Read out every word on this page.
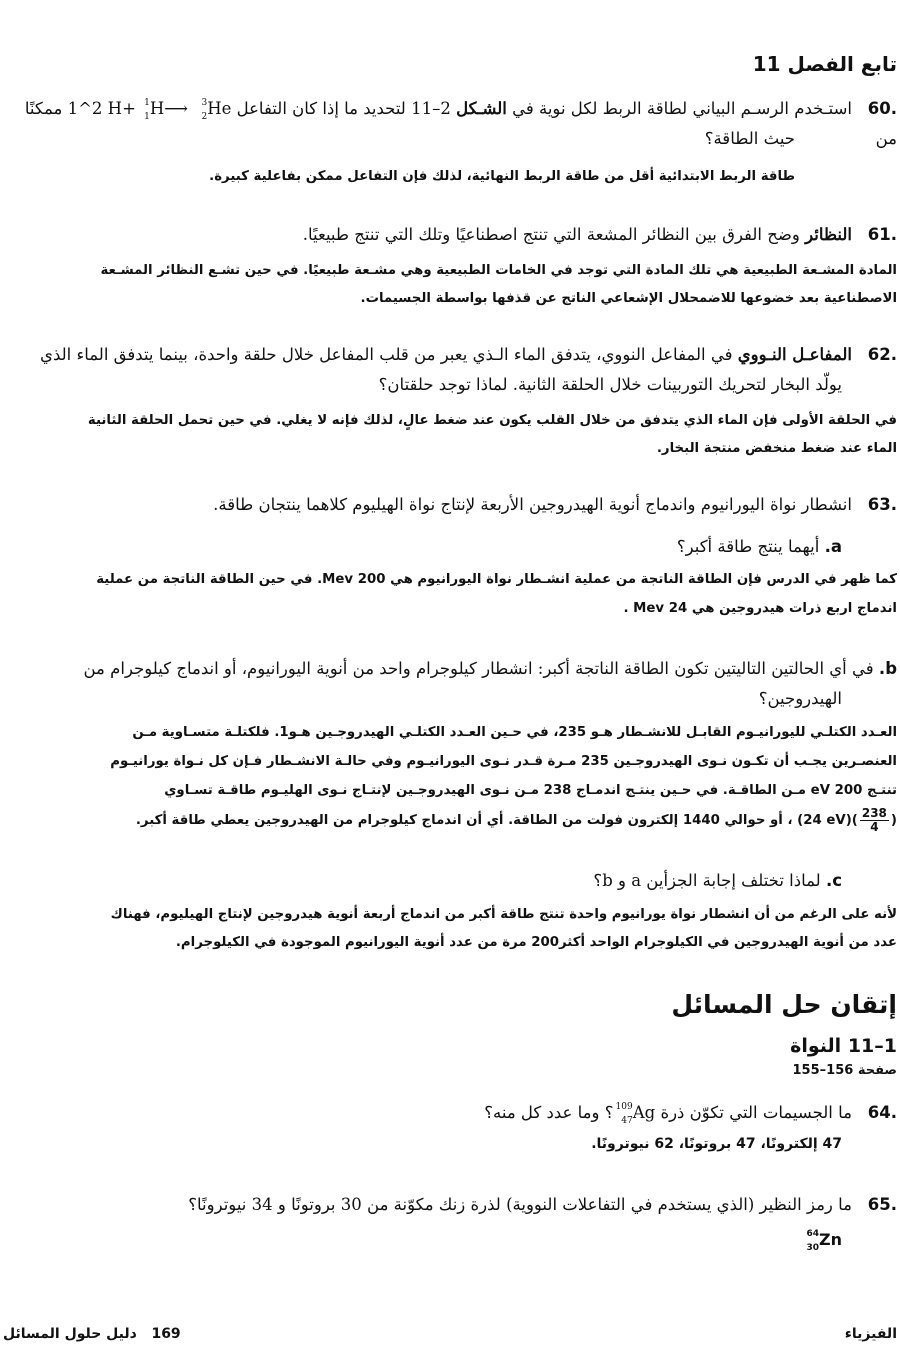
تابع الفصل 11
.60   استـخدم الرسـم البياني لطاقة الربط لكل نوية في الشـكل 2–11 لتحديد ما إذا كان التفاعل 1^2 H+ 1
1 H⟶ 3
2 He ممكنًا من
حيث الطاقة؟
طاقة الربط الابتدائية أقل من طاقة الربط النهائية، لذلك فإن التفاعل ممكن بفاعلية كبيرة.
.61   النظائر وضح الفرق بين النظائر المشعة التي تنتج اصطناعيًا وتلك التي تنتج طبيعيًا.
المادة المشـعة الطبيعية هي تلك المادة التي توجد في الخامات الطبيعية وهي مشـعة طبيعيًا. في حين تشـع النظائر المشـعة
الاصطناعية بعد خضوعها للاضمحلال الإشعاعي الناتج عن قذفها بواسطة الجسيمات.
.62   المفاعـل النـووي في المفاعل النووي، يتدفق الماء الـذي يعبر من قلب المفاعل خلال حلقة واحدة، بينما يتدفق الماء الذي
يولّد البخار لتحريك التوربينات خلال الحلقة الثانية. لماذا توجد حلقتان؟
في الحلقة الأولى فإن الماء الذي يتدفق من خلال القلب يكون عند ضغط عالٍ، لذلك فإنه لا يغلي. في حين تحمل الحلقة الثانية
الماء عند ضغط منخفض منتجة البخار.
.63   انشطار نواة اليورانيوم واندماج أنوية الهيدروجين الأربعة لإنتاج نواة الهيليوم كلاهما ينتجان طاقة.
a. أيهما ينتج طاقة أكبر؟
كما ظهر في الدرس فإن الطاقة الناتجة من عملية انشـطار نواة اليورانيوم هي 200 Mev. في حين الطاقة الناتجة من عملية
اندماج اربع ذرات هيدروجين هي 24 Mev .
b. في أي الحالتين التاليتين تكون الطاقة الناتجة أكبر: انشطار كيلوجرام واحد من أنوية اليورانيوم، أو اندماج كيلوجرام من
الهيدروجين؟
العـدد الكتلـي لليورانيـوم القابـل للانشـطار هـو 235، في حـين العـدد الكتلـي الهيدروجـين هـو1. فلكتلـة متسـاوية مـن
العنصـرين يجـب أن تكـون نـوى الهيدروجـين 235 مـرة قـدر نـوى اليورانيـوم وفي حالـة الانشـطار فـإن كل نـواة يورانيـوم
تنتـج 200 eV مـن الطاقـة. في حـين ينتـج اندمـاج 238 مـن نـوى الهيدروجـين لإنتـاج نـوى الهليـوم طاقـة تسـاوي
(24 $eV)( \frac{238}{4}$ ) ، أو حوالي 1440 إلكترون فولت من الطاقة. أي أن اندماج كيلوجرام من الهيدروجين يعطي طاقة أكبر.
c. لماذا تختلف إجابة الجزأين a و b؟
لأنه على الرغم من أن انشطار نواة يورانيوم واحدة تنتج طاقة أكبر من اندماج أربعة أنوية هيدروجين لإنتاج الهيليوم، فهناك
عدد من أنوية الهيدروجين في الكيلوجرام الواحد أكثر200 مرة من عدد أنوية اليورانيوم الموجودة في الكيلوجرام.
إتقان حل المسائل
1–11 النواة
صفحة 156–155
.64   ما الجسيمات التي تكوّن ذرة
109
47 Ag ؟ وما عدد كل منه؟
47 إلكترونًا، 47 بروتونًا، 62 نيوترونًا.
.65   ما رمز النظير (الذي يستخدم في التفاعلات النووية) لذرة زنك مكوّنة من 30 بروتونًا و 34 نيوترونًا؟
64
30 Zn
الفيزياء
169   دليل حلول المسائل
